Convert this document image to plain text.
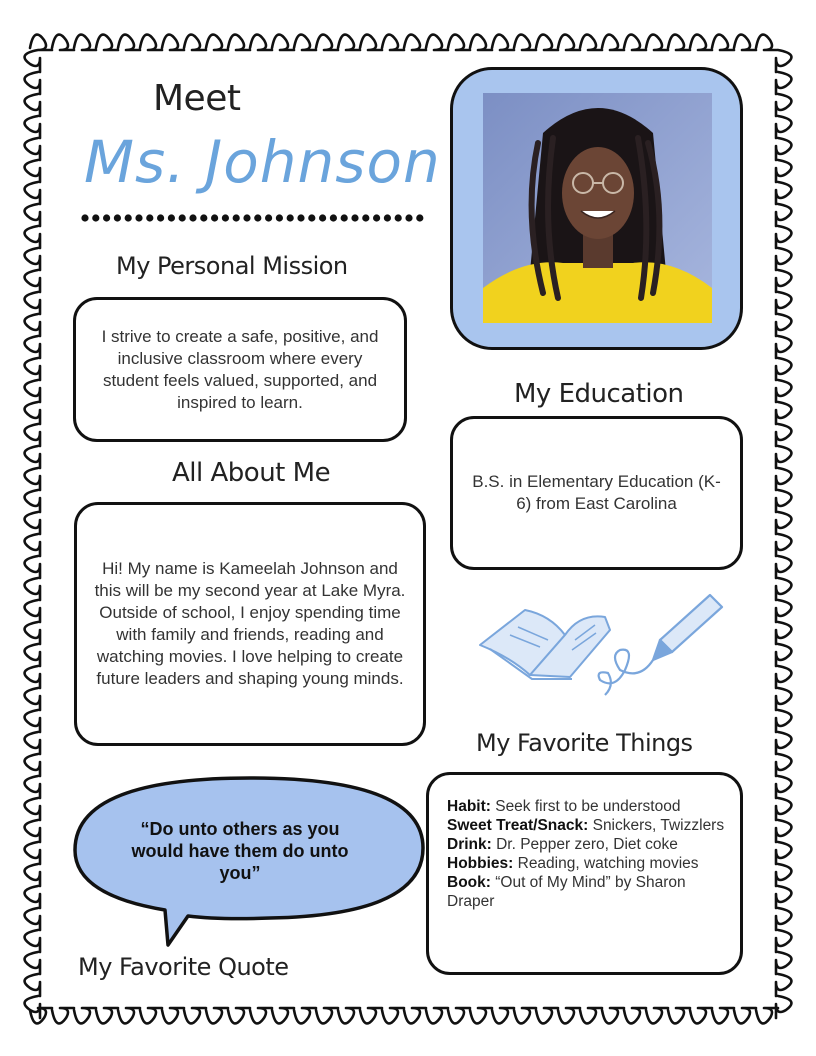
Meet
Ms. Johnson
My Personal Mission
I strive to create a safe, positive, and inclusive classroom where every student feels valued, supported, and inspired to learn.
All About Me
Hi! My name is Kameelah Johnson and this will be my second year at Lake Myra. Outside of school, I enjoy spending time with family and friends, reading and watching movies. I love helping to create future leaders and shaping young minds.
My Education
B.S. in Elementary Education (K-6) from East Carolina
My Favorite Things
Habit: Seek first to be understood
Sweet Treat/Snack: Snickers, Twizzlers
Drink: Dr. Pepper zero, Diet coke
Hobbies: Reading, watching movies
Book: “Out of My Mind” by Sharon Draper
“Do unto others as you would have them do unto you”
My Favorite Quote
